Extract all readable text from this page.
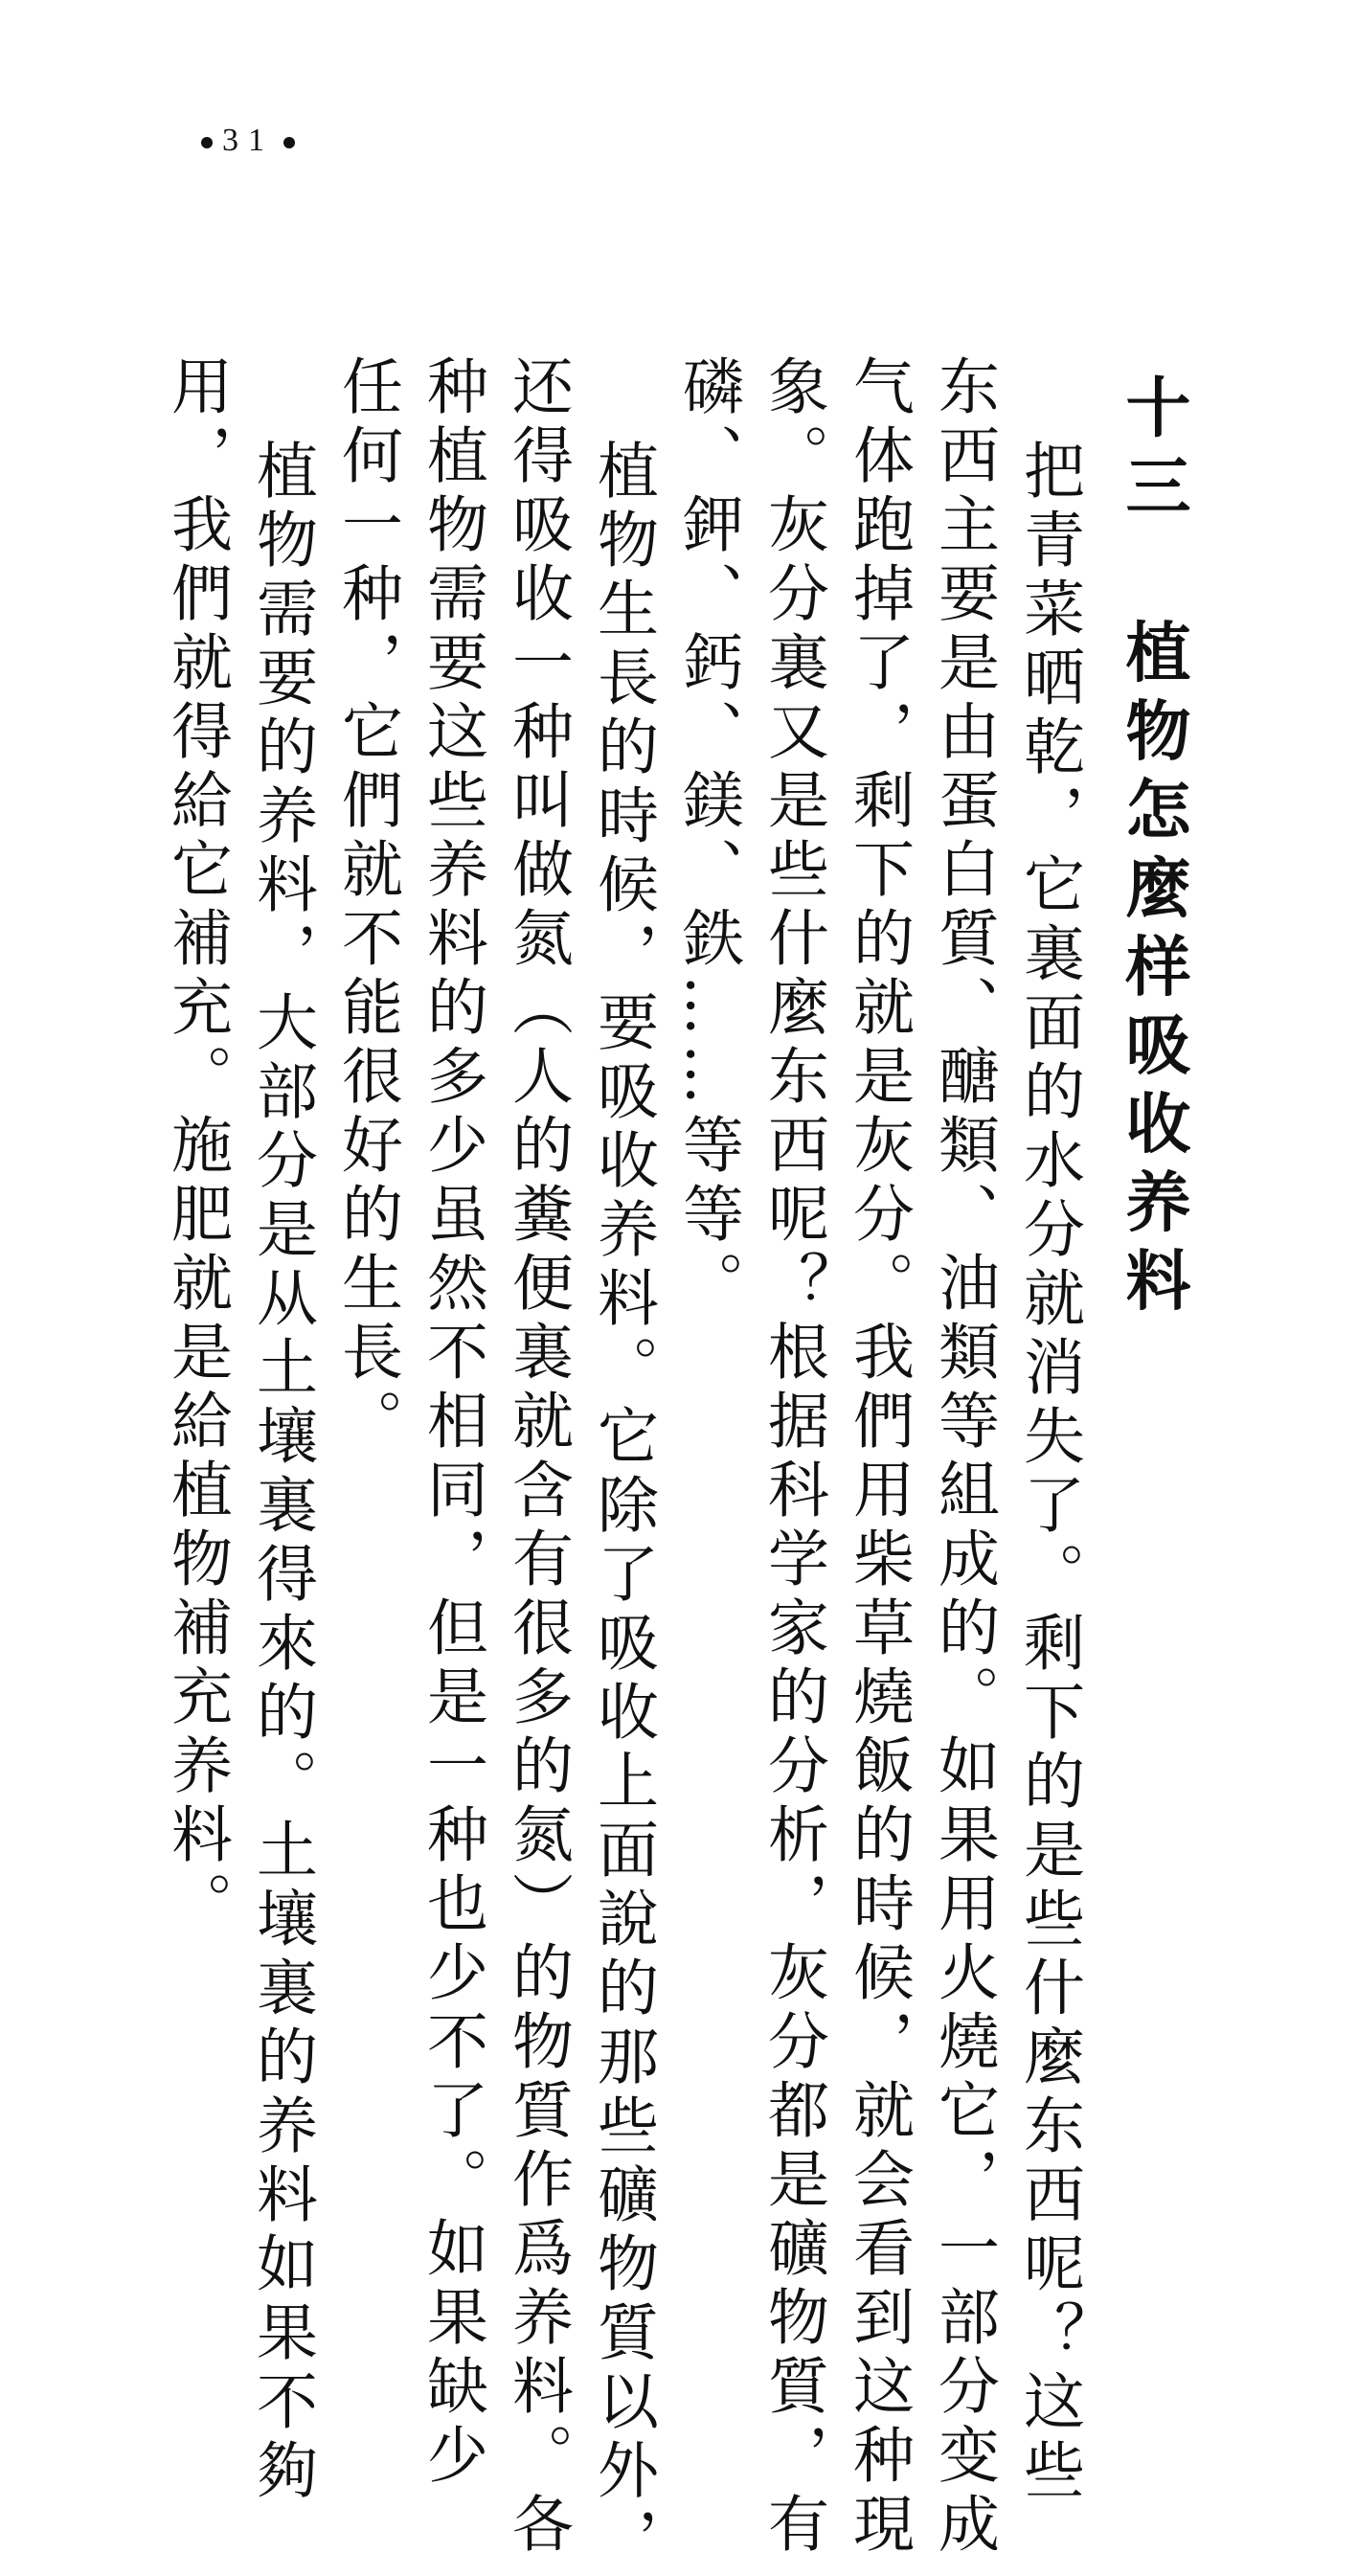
31
十三 植物怎麼样吸收养料
把青菜晒乾，它裏面的水分就消失了。剩下的是些什麼东西呢？这些
东西主要是由蛋白質、醣類、油類等組成的。如果用火燒它，一部分变成
气体跑掉了，剩下的就是灰分。我們用柴草燒飯的時候，就会看到这种現
象。灰分裏又是些什麼东西呢？根据科学家的分析，灰分都是礦物質，有
磷、鉀、鈣、鎂、鉄……等等。
植物生長的時候，要吸收养料。它除了吸收上面說的那些礦物質以外，
还得吸收一种叫做氮（人的糞便裏就含有很多的氮）的物質作爲养料。各
种植物需要这些养料的多少虽然不相同，但是一种也少不了。如果缺少
任何一种，它們就不能很好的生長。
植物需要的养料，大部分是从土壤裏得來的。土壤裏的养料如果不夠
用，我們就得給它補充。施肥就是給植物補充养料。
